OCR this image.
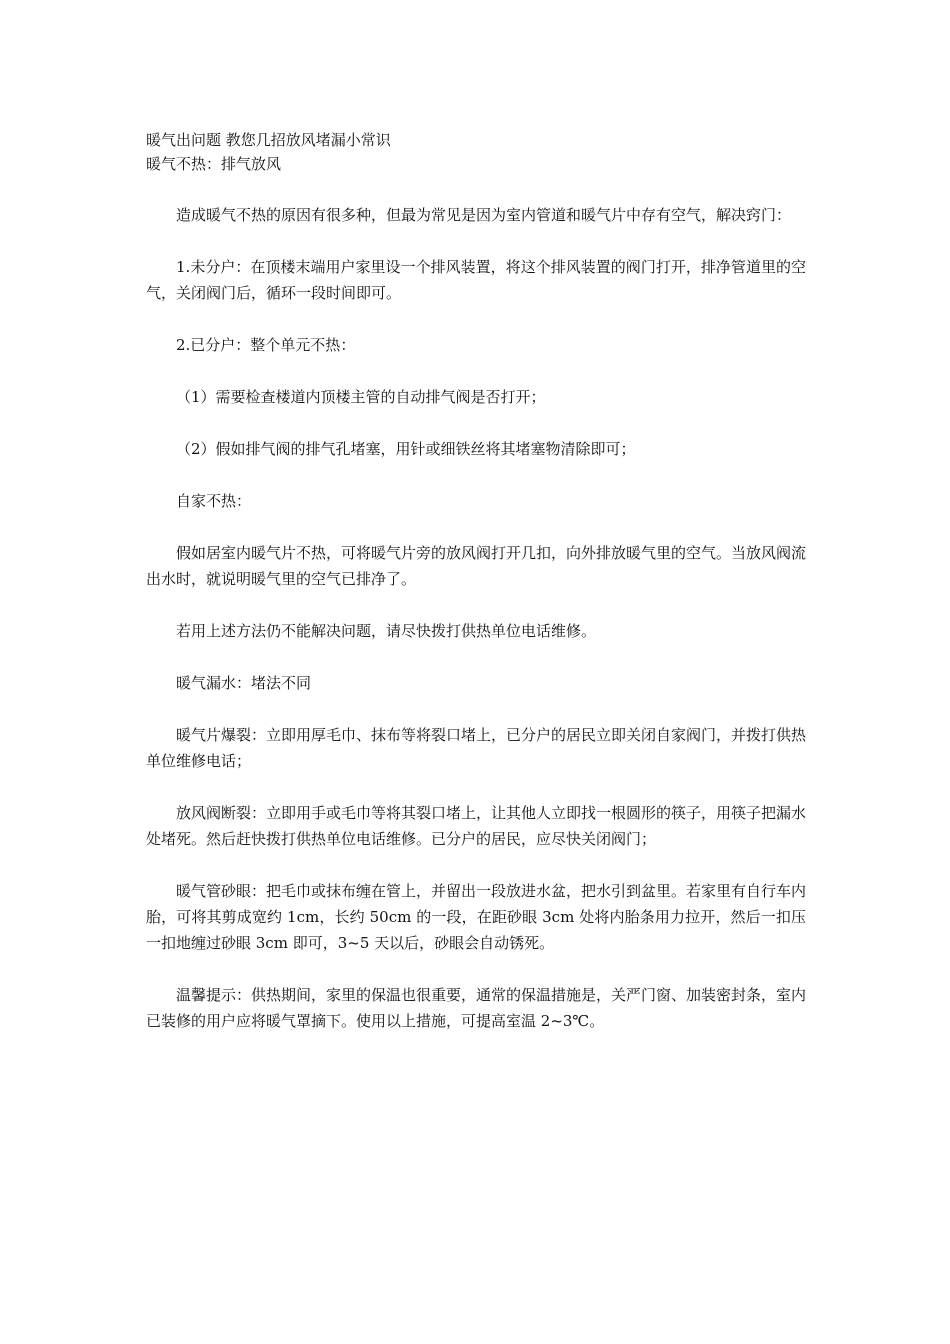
暖气出问题 教您几招放风堵漏小常识

暖气不热：排气放风

造成暖气不热的原因有很多种，但最为常见是因为室内管道和暖气片中存有空气，解决窍门：

1.未分户：在顶楼末端用户家里设一个排风装置，将这个排风装置的阀门打开，排净管道里的空气，关闭阀门后，循环一段时间即可。

2.已分户：整个单元不热：

（1）需要检查楼道内顶楼主管的自动排气阀是否打开；

（2）假如排气阀的排气孔堵塞，用针或细铁丝将其堵塞物清除即可；

自家不热：

假如居室内暖气片不热，可将暖气片旁的放风阀打开几扣，向外排放暖气里的空气。当放风阀流出水时，就说明暖气里的空气已排净了。

若用上述方法仍不能解决问题，请尽快拨打供热单位电话维修。

暖气漏水：堵法不同

暖气片爆裂：立即用厚毛巾、抹布等将裂口堵上，已分户的居民立即关闭自家阀门，并拨打供热单位维修电话；

放风阀断裂：立即用手或毛巾等将其裂口堵上，让其他人立即找一根圆形的筷子，用筷子把漏水处堵死。然后赶快拨打供热单位电话维修。已分户的居民，应尽快关闭阀门；

暖气管砂眼：把毛巾或抹布缠在管上，并留出一段放进水盆，把水引到盆里。若家里有自行车内胎，可将其剪成宽约 1cm，长约 50cm 的一段，在距砂眼 3cm 处将内胎条用力拉开，然后一扣压一扣地缠过砂眼 3cm 即可，3~5 天以后，砂眼会自动锈死。

温馨提示：供热期间，家里的保温也很重要，通常的保温措施是，关严门窗、加装密封条，室内已装修的用户应将暖气罩摘下。使用以上措施，可提高室温 2~3℃。
